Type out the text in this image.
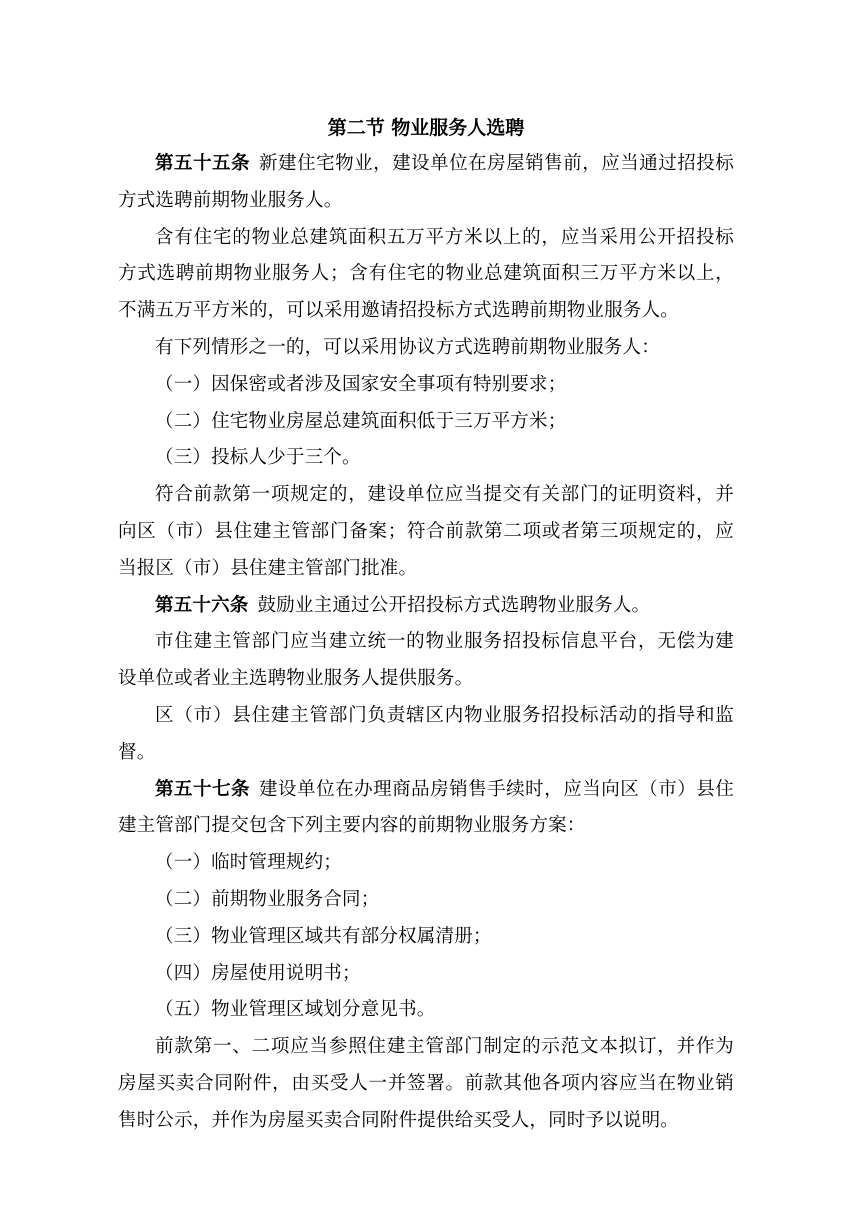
第二节 物业服务人选聘

第五十五条 新建住宅物业，建设单位在房屋销售前，应当通过招投标方式选聘前期物业服务人。

含有住宅的物业总建筑面积五万平方米以上的，应当采用公开招投标方式选聘前期物业服务人；含有住宅的物业总建筑面积三万平方米以上，不满五万平方米的，可以采用邀请招投标方式选聘前期物业服务人。

有下列情形之一的，可以采用协议方式选聘前期物业服务人：

（一）因保密或者涉及国家安全事项有特别要求；

（二）住宅物业房屋总建筑面积低于三万平方米；

（三）投标人少于三个。

符合前款第一项规定的，建设单位应当提交有关部门的证明资料，并向区（市）县住建主管部门备案；符合前款第二项或者第三项规定的，应当报区（市）县住建主管部门批准。

第五十六条 鼓励业主通过公开招投标方式选聘物业服务人。

市住建主管部门应当建立统一的物业服务招投标信息平台，无偿为建设单位或者业主选聘物业服务人提供服务。

区（市）县住建主管部门负责辖区内物业服务招投标活动的指导和监督。

第五十七条 建设单位在办理商品房销售手续时，应当向区（市）县住建主管部门提交包含下列主要内容的前期物业服务方案：

（一）临时管理规约；

（二）前期物业服务合同；

（三）物业管理区域共有部分权属清册；

（四）房屋使用说明书；

（五）物业管理区域划分意见书。

前款第一、二项应当参照住建主管部门制定的示范文本拟订，并作为房屋买卖合同附件，由买受人一并签署。前款其他各项内容应当在物业销售时公示，并作为房屋买卖合同附件提供给买受人，同时予以说明。
